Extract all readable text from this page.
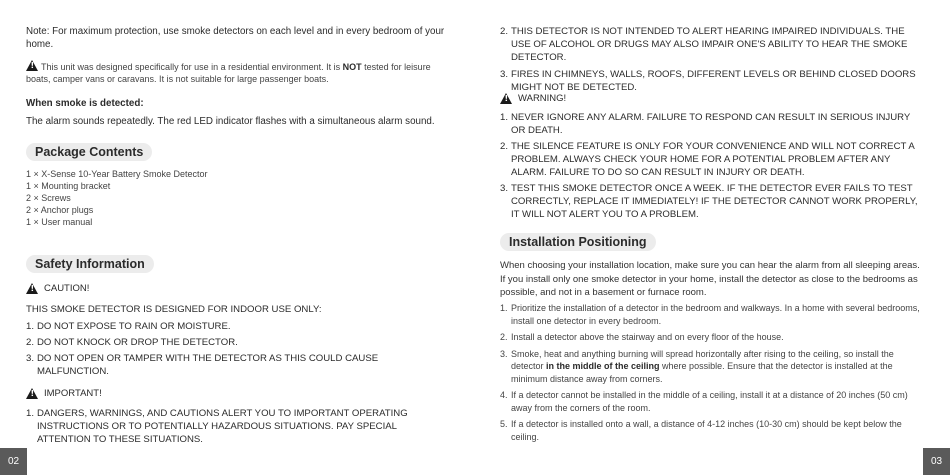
Note: For maximum protection, use smoke detectors on each level and in every bedroom of your home.

!This unit was designed specifically for use in a residential environment. It is NOT tested for leisure boats, camper vans or caravans. It is not suitable for large passenger boats.

When smoke is detected:

The alarm sounds repeatedly. The red LED indicator flashes with a simultaneous alarm sound.

Package Contents
1 × X-Sense 10-Year Battery Smoke Detector
1 × Mounting bracket
2 × Screws
2 × Anchor plugs
1 × User manual
Safety Information
!
CAUTION!

THIS SMOKE DETECTOR IS DESIGNED FOR INDOOR USE ONLY:

1. DO NOT EXPOSE TO RAIN OR MOISTURE.
2. DO NOT KNOCK OR DROP THE DETECTOR.
3. DO NOT OPEN OR TAMPER WITH THE DETECTOR AS THIS COULD CAUSE MALFUNCTION.
!
IMPORTANT!
1. DANGERS, WARNINGS, AND CAUTIONS ALERT YOU TO IMPORTANT OPERATING INSTRUCTIONS OR TO POTENTIALLY HAZARDOUS SITUATIONS. PAY SPECIAL ATTENTION TO THESE SITUATIONS.
02
2. THIS DETECTOR IS NOT INTENDED TO ALERT HEARING IMPAIRED INDIVIDUALS. THE USE OF ALCOHOL OR DRUGS MAY ALSO IMPAIR ONE'S ABILITY TO HEAR THE SMOKE DETECTOR.
3. FIRES IN CHIMNEYS, WALLS, ROOFS, DIFFERENT LEVELS OR BEHIND CLOSED DOORS MIGHT NOT BE DETECTED.
!
WARNING!
1. NEVER IGNORE ANY ALARM. FAILURE TO RESPOND CAN RESULT IN SERIOUS INJURY OR DEATH.
2. THE SILENCE FEATURE IS ONLY FOR YOUR CONVENIENCE AND WILL NOT CORRECT A PROBLEM. ALWAYS CHECK YOUR HOME FOR A POTENTIAL PROBLEM AFTER ANY ALARM. FAILURE TO DO SO CAN RESULT IN INJURY OR DEATH.
3. TEST THIS SMOKE DETECTOR ONCE A WEEK. IF THE DETECTOR EVER FAILS TO TEST CORRECTLY, REPLACE IT IMMEDIATELY! IF THE DETECTOR CANNOT WORK PROPERLY, IT WILL NOT ALERT YOU TO A PROBLEM.
Installation Positioning

When choosing your installation location, make sure you can hear the alarm from all sleeping areas. If you install only one smoke detector in your home, install the detector as close to the bedrooms as possible, and not in a basement or furnace room.

1. Prioritize the installation of a detector in the bedroom and walkways. In a home with several bedrooms, install one detector in every bedroom.
2. Install a detector above the stairway and on every floor of the house.
3. Smoke, heat and anything burning will spread horizontally after rising to the ceiling, so install the detector in the middle of the ceiling where possible. Ensure that the detector is installed at the minimum distance away from corners.
4. If a detector cannot be installed in the middle of a ceiling, install it at a distance of 20 inches (50 cm) away from the corners of the room.
5. If a detector is installed onto a wall, a distance of 4-12 inches (10-30 cm) should be kept below the ceiling.
03
